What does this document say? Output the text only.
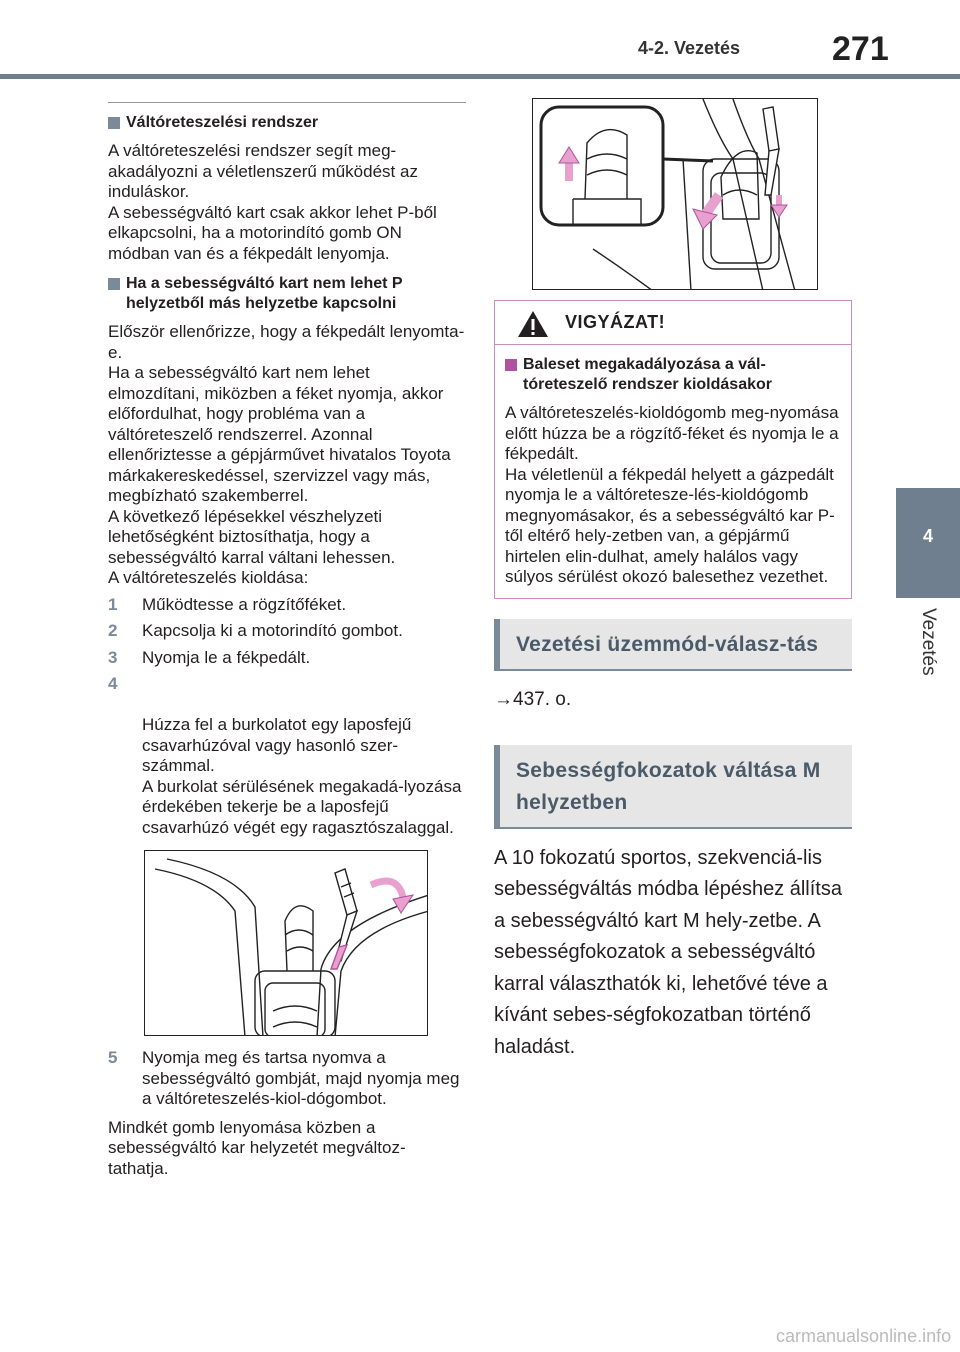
4-2. Vezetés	271
4
Vezetés
Váltóreteszelési rendszer
A váltóreteszelési rendszer segít meg-akadályozni a véletlenszerű működést az induláskor.
A sebességváltó kart csak akkor lehet P-ből elkapcsolni, ha a motorindító gomb ON módban van és a fékpedált lenyomja.
Ha a sebességváltó kart nem lehet P helyzetből más helyzetbe kapcsolni
Először ellenőrizze, hogy a fékpedált lenyomta-e.
Ha a sebességváltó kart nem lehet elmozdítani, miközben a féket nyomja, akkor előfordulhat, hogy probléma van a váltóreteszelő rendszerrel. Azonnal ellenőriztesse a gépjárművet hivatalos Toyota márkakereskedéssel, szervizzel vagy más, megbízható szakemberrel.
A következő lépésekkel vészhelyzeti lehetőségként biztosíthatja, hogy a sebességváltó karral váltani lehessen.
A váltóreteszelés kioldása:
1 Működtesse a rögzítőféket.
2 Kapcsolja ki a motorindító gombot.
3 Nyomja le a fékpedált.

4

Húzza fel a burkolatot egy laposfejű csavarhúzóval vagy hasonló szer-számmal.
A burkolat sérülésének megakadá-lyozása érdekében tekerje be a laposfejű csavarhúzó végét egy ragasztószalaggal.

5 Nyomja meg és tartsa nyomva a sebességváltó gombját, majd nyomja meg a váltóreteszelés-kiol-dógombot.
Mindkét gomb lenyomása közben a sebességváltó kar helyzetét megváltoz-tathatja.
VIGYÁZAT!
Baleset megakadályozása a vál-tóreteszelő rendszer kioldásakor
A váltóreteszelés-kioldógomb meg-nyomása előtt húzza be a rögzítő-féket és nyomja le a fékpedált.
Ha véletlenül a fékpedál helyett a gázpedált nyomja le a váltóretesze-lés-kioldógomb megnyomásakor, és a sebességváltó kar P-től eltérő hely-zetben van, a gépjármű hirtelen elin-dulhat, amely halálos vagy súlyos sérülést okozó balesethez vezethet.
Vezetési üzemmód-válasz-tás
→437. o.
Sebességfokozatok váltása M helyzetben
A 10 fokozatú sportos, szekvenciá-lis sebességváltás módba lépéshez állítsa a sebességváltó kart M hely-zetbe. A sebességfokozatok a sebességváltó karral választhatók ki, lehetővé téve a kívánt sebes-ségfokozatban történő haladást.
carmanualsonline.info
